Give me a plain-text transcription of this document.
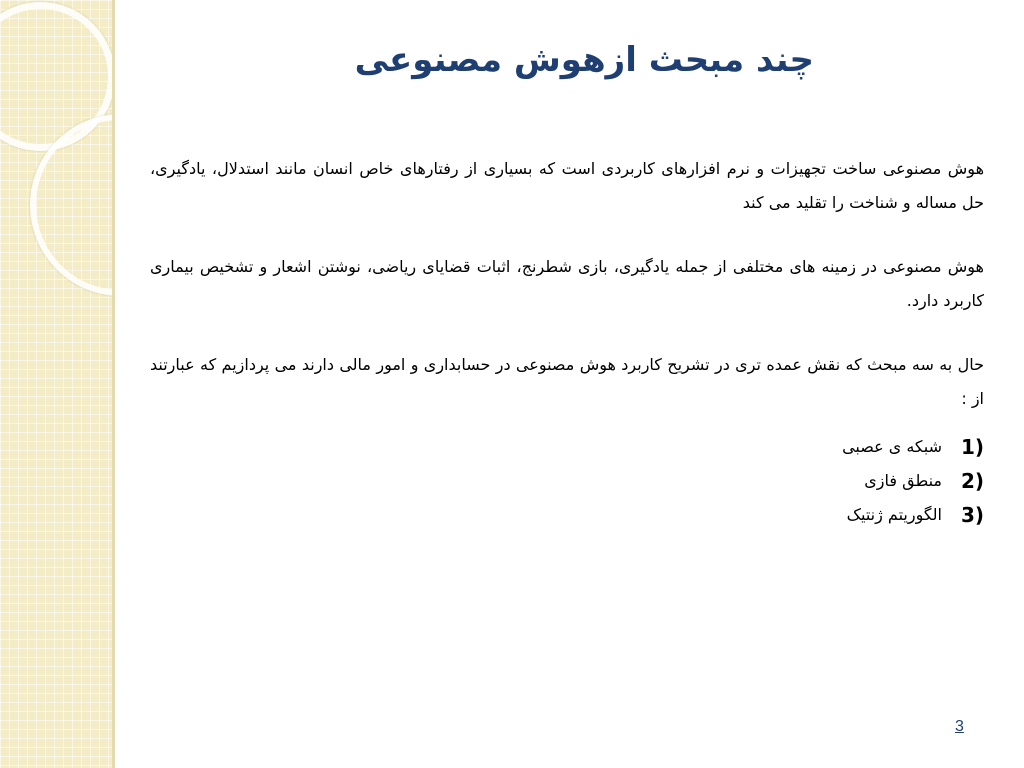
چند مبحث ازهوش مصنوعی

هوش مصنوعی ساخت تجهیزات و نرم افزارهای کاربردی است که بسیاری از رفتارهای خاص انسان مانند استدلال، یادگیری، حل مساله و شناخت را تقلید می کند

هوش مصنوعی در زمینه های مختلفی از جمله یادگیری، بازی شطرنج، اثبات قضایای ریاضی، نوشتن اشعار و تشخیص بیماری کاربرد دارد.

حال به سه مبحث که نقش عمده تری در تشریح کاربرد هوش مصنوعی در حسابداری و امور مالی دارند می پردازیم که عبارتند از :

1)
شبکه ی عصبی
2)
منطق فازی
3)
الگوریتم ژنتیک
3
